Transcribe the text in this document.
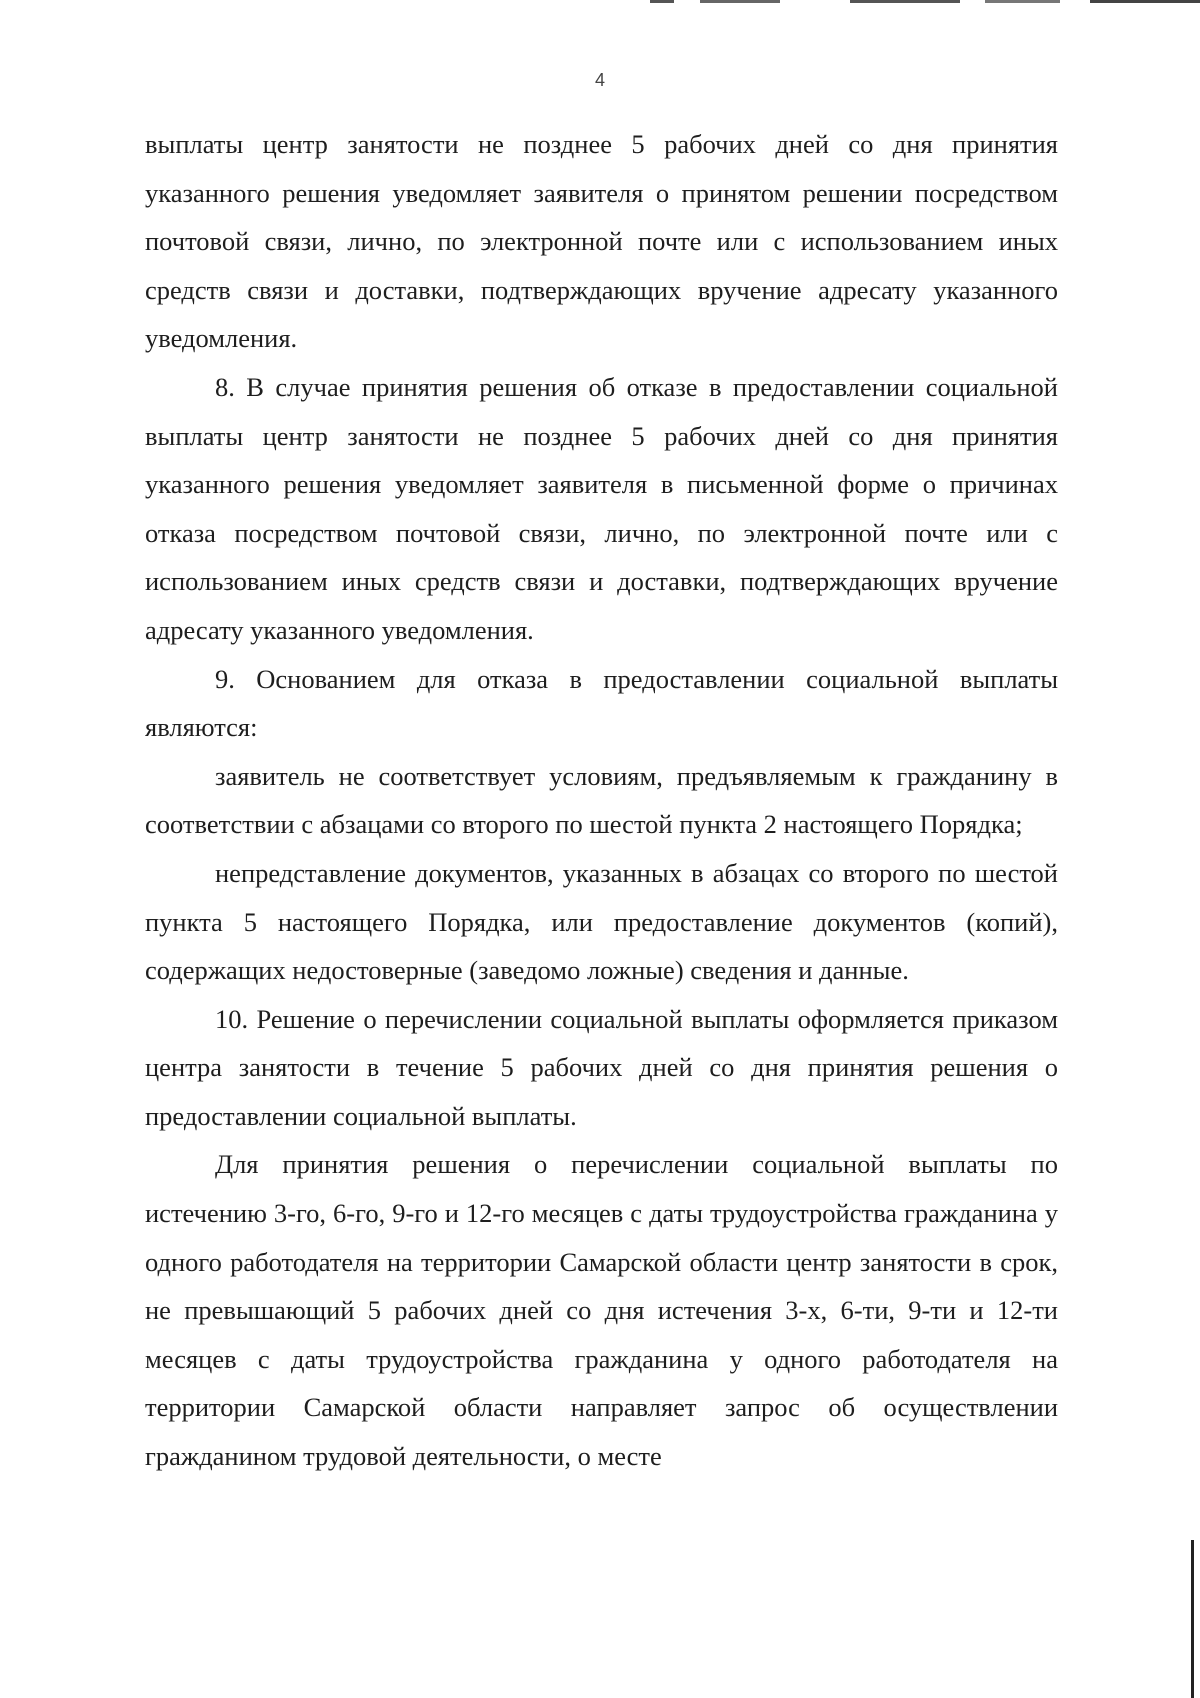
4

выплаты центр занятости не позднее 5 рабочих дней со дня принятия указанного решения уведомляет заявителя о принятом решении посредством почтовой связи, лично, по электронной почте или с использованием иных средств связи и доставки, подтверждающих вручение адресату указанного уведомления.

8. В случае принятия решения об отказе в предоставлении социальной выплаты центр занятости не позднее 5 рабочих дней со дня принятия указанного решения уведомляет заявителя в письменной форме о причинах отказа посредством почтовой связи, лично, по электронной почте или с использованием иных средств связи и доставки, подтверждающих вручение адресату указанного уведомления.

9. Основанием для отказа в предоставлении социальной выплаты являются:

заявитель не соответствует условиям, предъявляемым к гражданину в соответствии с абзацами со второго по шестой пункта 2 настоящего Порядка;

непредставление документов, указанных в абзацах со второго по шестой пункта 5 настоящего Порядка, или предоставление документов (копий), содержащих недостоверные (заведомо ложные) сведения и данные.

10. Решение о перечислении социальной выплаты оформляется приказом центра занятости в течение 5 рабочих дней со дня принятия решения о предоставлении социальной выплаты.

Для принятия решения о перечислении социальной выплаты по истечению 3-го, 6-го, 9-го и 12-го месяцев с даты трудоустройства гражданина у одного работодателя на территории Самарской области центр занятости в срок, не превышающий 5 рабочих дней со дня истечения 3-х, 6-ти, 9-ти и 12-ти месяцев с даты трудоустройства гражданина у одного работодателя на территории Самарской области направляет запрос об осуществлении гражданином трудовой деятельности, о месте
